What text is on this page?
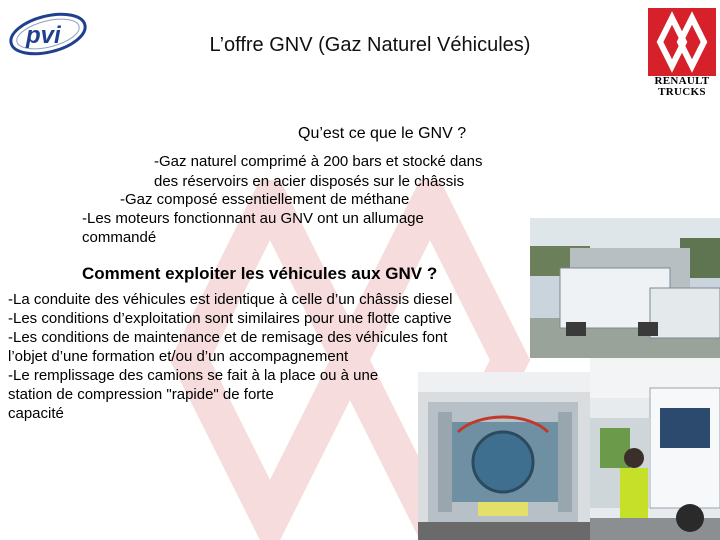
pvi	L’offre GNV (Gaz Naturel Véhicules)
RENAULT TRUCKS
Qu’est ce que le GNV ?
-Gaz naturel comprimé à 200 bars et stocké dans
des réservoirs en acier disposés sur le châssis
-Gaz composé essentiellement de méthane
-Les moteurs fonctionnant au GNV ont un allumage
commandé
Comment exploiter les véhicules aux GNV ?
-La conduite des véhicules est identique à celle d’un châssis diesel
-Les conditions d’exploitation sont similaires pour une flotte captive
-Les conditions de maintenance et de remisage des véhicules font
l’objet d’une formation et/ou d’un accompagnement
-Le remplissage des camions se fait à la place ou à une
station de compression "rapide" de forte
capacité
